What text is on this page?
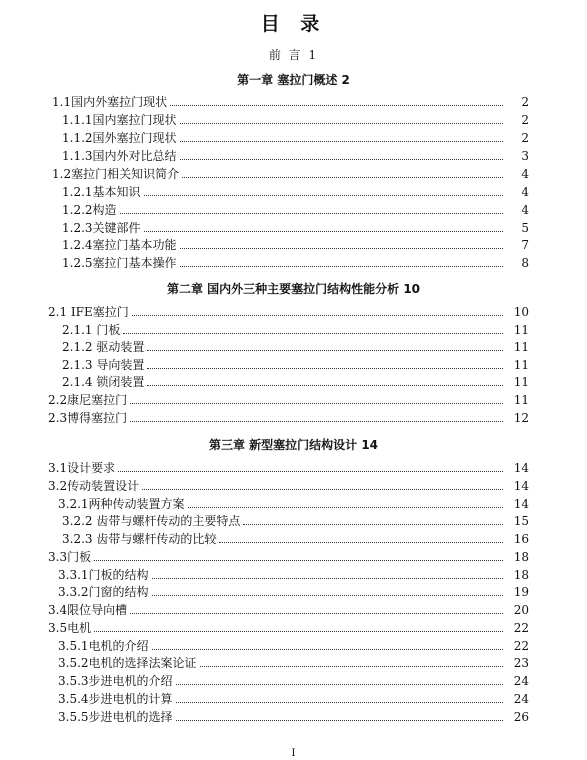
目 录
前 言 1
第一章 塞拉门概述 2
1.1国内外塞拉门现状	2
1.1.1国内塞拉门现状	2
1.1.2国外塞拉门现状	2
1.1.3国内外对比总结	3
1.2塞拉门相关知识简介	4
1.2.1基本知识	4
1.2.2构造	4
1.2.3关键部件	5
1.2.4塞拉门基本功能	7
1.2.5塞拉门基本操作	8
第二章 国内外三种主要塞拉门结构性能分析 10
2.1 IFE塞拉门	10
2.1.1 门板	11
2.1.2 驱动装置	11
2.1.3 导向装置	11
2.1.4 锁闭装置	11
2.2康尼塞拉门	11
2.3博得塞拉门	12
第三章 新型塞拉门结构设计 14
3.1设计要求	14
3.2传动装置设计	14
3.2.1两种传动装置方案	14
3.2.2 齿带与螺杆传动的主要特点	15
3.2.3 齿带与螺杆传动的比较	16
3.3门板	18
3.3.1门板的结构	18
3.3.2门窗的结构	19
3.4限位导向槽	20
3.5电机	22
3.5.1电机的介绍	22
3.5.2电机的选择法案论证	23
3.5.3步进电机的介绍	24
3.5.4步进电机的计算	24
3.5.5步进电机的选择	26
I
